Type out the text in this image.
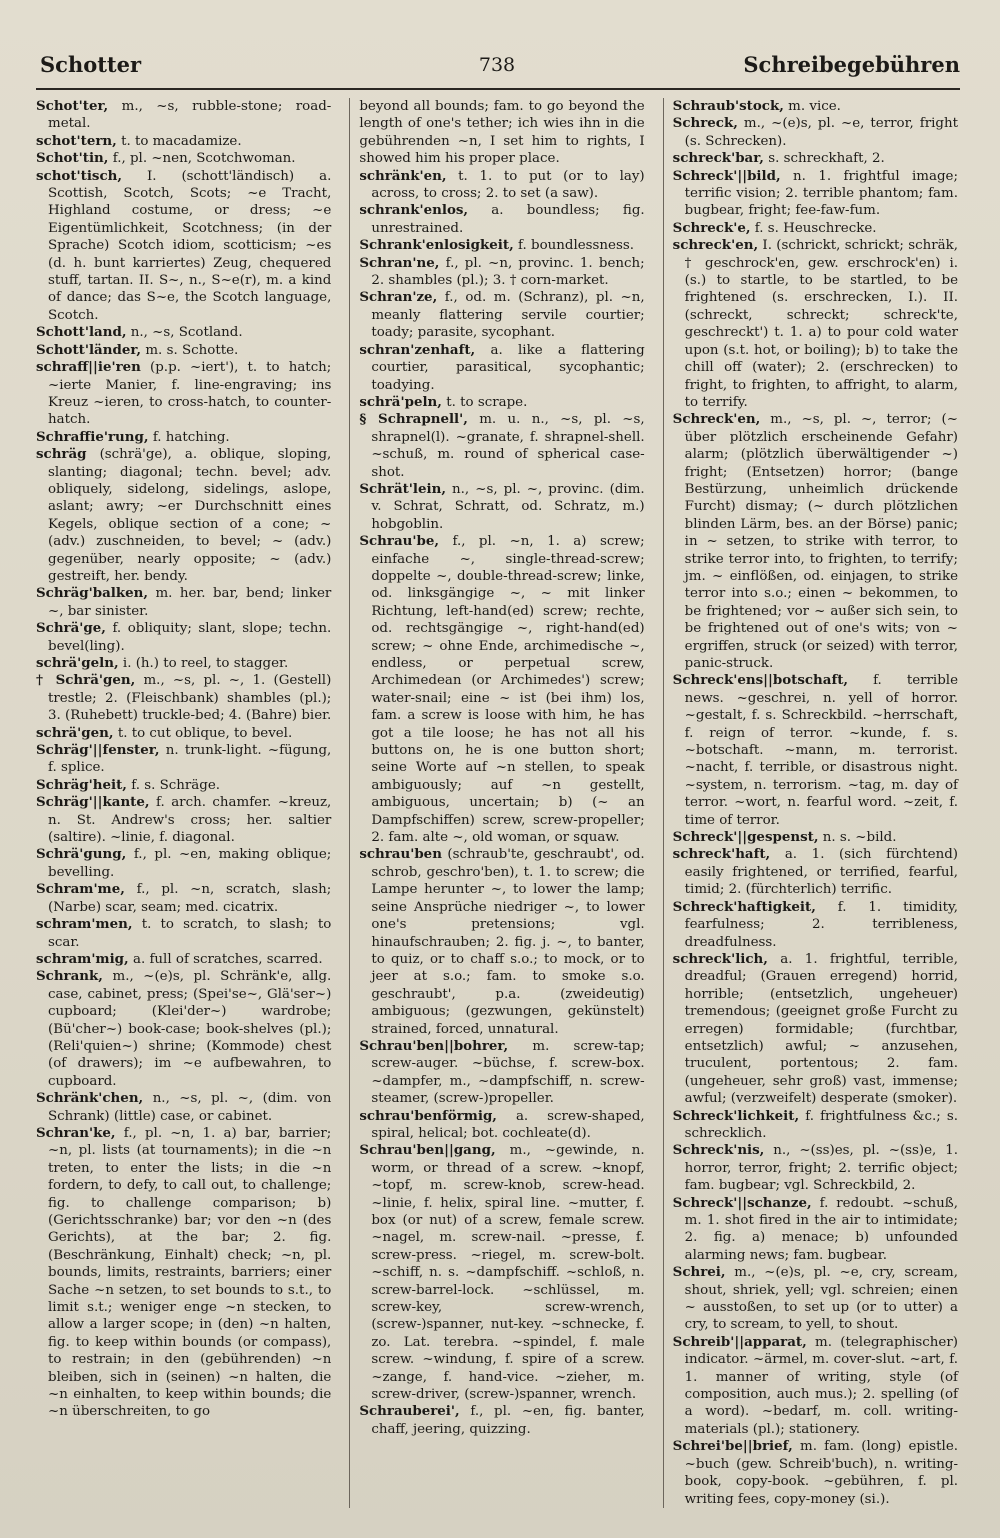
Schotter	738	Schreibegebühren

Schot'ter, m., ~s, rubble-stone; road-metal.

schot'tern, t. to macadamize.

Schot'tin, f., pl. ~nen, Scotchwoman.

schot'tisch, I. (schott'ländisch) a. Scottish, Scotch, Scots; ~e Tracht, Highland costume, or dress; ~e Eigentümlichkeit, Scotchness; (in der Sprache) Scotch idiom, scotticism; ~es (d. h. bunt karriertes) Zeug, chequered stuff, tartan. II. S~, n., S~e(r), m. a kind of dance; das S~e, the Scotch language, Scotch.

Schott'land, n., ~s, Scotland.

Schott'länder, m. s. Schotte.

schraff||ie'ren (p.p. ~iert'), t. to hatch; ~ierte Manier, f. line-engraving; ins Kreuz ~ieren, to cross-hatch, to counter-hatch.

Schraffie'rung, f. hatching.

schräg (schrä'ge), a. oblique, sloping, slanting; diagonal; techn. bevel; adv. obliquely, sidelong, sidelings, aslope, aslant; awry; ~er Durchschnitt eines Kegels, oblique section of a cone; ~ (adv.) zuschneiden, to bevel; ~ (adv.) gegenüber, nearly opposite; ~ (adv.) gestreift, her. bendy.

Schräg'balken, m. her. bar, bend; linker ~, bar sinister.

Schrä'ge, f. obliquity; slant, slope; techn. bevel(ling).

schrä'geln, i. (h.) to reel, to stagger.

† Schrä'gen, m., ~s, pl. ~, 1. (Gestell) trestle; 2. (Fleischbank) shambles (pl.); 3. (Ruhebett) truckle-bed; 4. (Bahre) bier.

schrä'gen, t. to cut oblique, to bevel.

Schräg'||fenster, n. trunk-light. ~fügung, f. splice.

Schräg'heit, f. s. Schräge.

Schräg'||kante, f. arch. chamfer. ~kreuz, n. St. Andrew's cross; her. saltier (saltire). ~linie, f. diagonal.

Schrä'gung, f., pl. ~en, making oblique; bevelling.

Schram'me, f., pl. ~n, scratch, slash; (Narbe) scar, seam; med. cicatrix.

schram'men, t. to scratch, to slash; to scar.

schram'mig, a. full of scratches, scarred.

Schrank, m., ~(e)s, pl. Schränk'e, allg. case, cabinet, press; (Spei'se~, Glä'ser~) cupboard; (Klei'der~) wardrobe; (Bü'cher~) book-case; book-shelves (pl.); (Reli'quien~) shrine; (Kommode) chest (of drawers); im ~e aufbewahren, to cupboard.

Schränk'chen, n., ~s, pl. ~, (dim. von Schrank) (little) case, or cabinet.

Schran'ke, f., pl. ~n, 1. a) bar, barrier; ~n, pl. lists (at tournaments); in die ~n treten, to enter the lists; in die ~n fordern, to defy, to call out, to challenge; fig. to challenge comparison; b) (Gerichtsschranke) bar; vor den ~n (des Gerichts), at the bar; 2. fig. (Beschränkung, Einhalt) check; ~n, pl. bounds, limits, restraints, barriers; einer Sache ~n setzen, to set bounds to s.t., to limit s.t.; weniger enge ~n stecken, to allow a larger scope; in (den) ~n halten, fig. to keep within bounds (or compass), to restrain; in den (gebührenden) ~n bleiben, sich in (seinen) ~n halten, die ~n einhalten, to keep within bounds; die ~n überschreiten, to go

beyond all bounds; fam. to go beyond the length of one's tether; ich wies ihn in die gebührenden ~n, I set him to rights, I showed him his proper place.

schränk'en, t. 1. to put (or to lay) across, to cross; 2. to set (a saw).

schrank'enlos, a. boundless; fig. unrestrained.

Schrank'enlosigkeit, f. boundlessness.

Schran'ne, f., pl. ~n, provinc. 1. bench; 2. shambles (pl.); 3. † corn-market.

Schran'ze, f., od. m. (Schranz), pl. ~n, meanly flattering servile courtier; toady; parasite, sycophant.

schran'zenhaft, a. like a flattering courtier, parasitical, sycophantic; toadying.

schrä'peln, t. to scrape.

§ Schrapnell', m. u. n., ~s, pl. ~s, shrapnel(l). ~granate, f. shrapnel-shell. ~schuß, m. round of spherical case-shot.

Schrät'lein, n., ~s, pl. ~, provinc. (dim. v. Schrat, Schratt, od. Schratz, m.) hobgoblin.

Schrau'be, f., pl. ~n, 1. a) screw; einfache ~, single-thread-screw; doppelte ~, double-thread-screw; linke, od. linksgängige ~, ~ mit linker Richtung, left-hand(ed) screw; rechte, od. rechtsgängige ~, right-hand(ed) screw; ~ ohne Ende, archimedische ~, endless, or perpetual screw, Archimedean (or Archimedes') screw; water-snail; eine ~ ist (bei ihm) los, fam. a screw is loose with him, he has got a tile loose; he has not all his buttons on, he is one button short; seine Worte auf ~n stellen, to speak ambiguously; auf ~n gestellt, ambiguous, uncertain; b) (~ an Dampfschiffen) screw, screw-propeller; 2. fam. alte ~, old woman, or squaw.

schrau'ben (schraub'te, geschraubt', od. schrob, geschro'ben), t. 1. to screw; die Lampe herunter ~, to lower the lamp; seine Ansprüche niedriger ~, to lower one's pretensions; vgl. hinaufschrauben; 2. fig. j. ~, to banter, to quiz, or to chaff s.o.; to mock, or to jeer at s.o.; fam. to smoke s.o. geschraubt', p.a. (zweideutig) ambiguous; (gezwungen, gekünstelt) strained, forced, unnatural.

Schrau'ben||bohrer, m. screw-tap; screw-auger. ~büchse, f. screw-box. ~dampfer, m., ~dampfschiff, n. screw-steamer, (screw-)propeller.

schrau'benförmig, a. screw-shaped, spiral, helical; bot. cochleate(d).

Schrau'ben||gang, m., ~gewinde, n. worm, or thread of a screw. ~knopf, ~topf, m. screw-knob, screw-head. ~linie, f. helix, spiral line. ~mutter, f. box (or nut) of a screw, female screw. ~nagel, m. screw-nail. ~presse, f. screw-press. ~riegel, m. screw-bolt. ~schiff, n. s. ~dampfschiff. ~schloß, n. screw-barrel-lock. ~schlüssel, m. screw-key, screw-wrench, (screw-)spanner, nut-key. ~schnecke, f. zo. Lat. terebra. ~spindel, f. male screw. ~windung, f. spire of a screw. ~zange, f. hand-vice. ~zieher, m. screw-driver, (screw-)spanner, wrench.

Schrauberei', f., pl. ~en, fig. banter, chaff, jeering, quizzing.

Schraub'stock, m. vice.

Schreck, m., ~(e)s, pl. ~e, terror, fright (s. Schrecken).

schreck'bar, s. schreckhaft, 2.

Schreck'||bild, n. 1. frightful image; terrific vision; 2. terrible phantom; fam. bugbear, fright; fee-faw-fum.

Schreck'e, f. s. Heuschrecke.

schreck'en, I. (schrickt, schrickt; schräk, † geschrock'en, gew. erschrock'en) i. (s.) to startle, to be startled, to be frightened (s. erschrecken, I.). II. (schreckt, schreckt; schreck'te, geschreckt') t. 1. a) to pour cold water upon (s.t. hot, or boiling); b) to take the chill off (water); 2. (erschrecken) to fright, to frighten, to affright, to alarm, to terrify.

Schreck'en, m., ~s, pl. ~, terror; (~ über plötzlich erscheinende Gefahr) alarm; (plötzlich überwältigender ~) fright; (Entsetzen) horror; (bange Bestürzung, unheimlich drückende Furcht) dismay; (~ durch plötzlichen blinden Lärm, bes. an der Börse) panic; in ~ setzen, to strike with terror, to strike terror into, to frighten, to terrify; jm. ~ einflößen, od. einjagen, to strike terror into s.o.; einen ~ bekommen, to be frightened; vor ~ außer sich sein, to be frightened out of one's wits; von ~ ergriffen, struck (or seized) with terror, panic-struck.

Schreck'ens||botschaft, f. terrible news. ~geschrei, n. yell of horror. ~gestalt, f. s. Schreckbild. ~herrschaft, f. reign of terror. ~kunde, f. s. ~botschaft. ~mann, m. terrorist. ~nacht, f. terrible, or disastrous night. ~system, n. terrorism. ~tag, m. day of terror. ~wort, n. fearful word. ~zeit, f. time of terror.

Schreck'||gespenst, n. s. ~bild.

schreck'haft, a. 1. (sich fürchtend) easily frightened, or terrified, fearful, timid; 2. (fürchterlich) terrific.

Schreck'haftigkeit, f. 1. timidity, fearfulness; 2. terribleness, dreadfulness.

schreck'lich, a. 1. frightful, terrible, dreadful; (Grauen erregend) horrid, horrible; (entsetzlich, ungeheuer) tremendous; (geeignet große Furcht zu erregen) formidable; (furchtbar, entsetzlich) awful; ~ anzusehen, truculent, portentous; 2. fam. (ungeheuer, sehr groß) vast, immense; awful; (verzweifelt) desperate (smoker).

Schreck'lichkeit, f. frightfulness &c.; s. schrecklich.

Schreck'nis, n., ~(ss)es, pl. ~(ss)e, 1. horror, terror, fright; 2. terrific object; fam. bugbear; vgl. Schreckbild, 2.

Schreck'||schanze, f. redoubt. ~schuß, m. 1. shot fired in the air to intimidate; 2. fig. a) menace; b) unfounded alarming news; fam. bugbear.

Schrei, m., ~(e)s, pl. ~e, cry, scream, shout, shriek, yell; vgl. schreien; einen ~ ausstoßen, to set up (or to utter) a cry, to scream, to yell, to shout.

Schreib'||apparat, m. (telegraphischer) indicator. ~ärmel, m. cover-slut. ~art, f. 1. manner of writing, style (of composition, auch mus.); 2. spelling (of a word). ~bedarf, m. coll. writing-materials (pl.); stationery.

Schrei'be||brief, m. fam. (long) epistle. ~buch (gew. Schreib'buch), n. writing-book, copy-book. ~gebühren, f. pl. writing fees, copy-money (si.).
